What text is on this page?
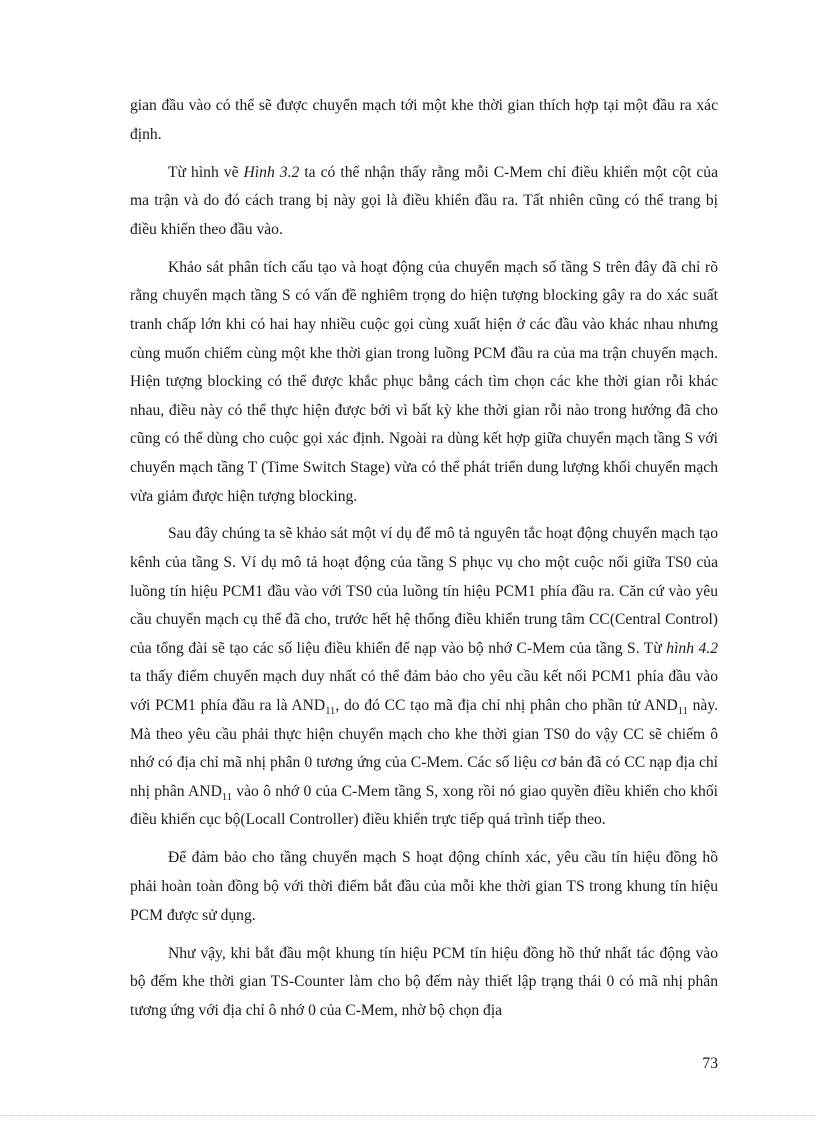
gian đầu vào có thể sẽ được chuyển mạch tới một khe thời gian thích hợp tại một đầu ra xác định.

Từ hình vẽ Hình 3.2 ta có thể nhận thấy rằng mỗi C-Mem chỉ điều khiển một cột của ma trận và do đó cách trang bị này gọi là điều khiển đầu ra. Tất nhiên cũng có thể trang bị điều khiển theo đầu vào.

Khảo sát phân tích cấu tạo và hoạt động của chuyển mạch số tầng S trên đây đã chỉ rõ rằng chuyển mạch tầng S có vấn đề nghiêm trọng do hiện tượng blocking gây ra do xác suất tranh chấp lớn khi có hai hay nhiều cuộc gọi cùng xuất hiện ở các đầu vào khác nhau nhưng cùng muốn chiếm cùng một khe thời gian trong luồng PCM đầu ra của ma trận chuyển mạch. Hiện tượng blocking có thể được khắc phục bằng cách tìm chọn các khe thời gian rỗi khác nhau, điều này có thể thực hiện được bởi vì bất kỳ khe thời gian rỗi nào trong hướng đã cho cũng có thể dùng cho cuộc gọi xác định. Ngoài ra dùng kết hợp giữa chuyển mạch tầng S với chuyển mạch tầng T (Time Switch Stage) vừa có thể phát triển dung lượng khối chuyển mạch vừa giảm được hiện tượng blocking.

Sau đây chúng ta sẽ khảo sát một ví dụ để mô tả nguyên tắc hoạt động chuyển mạch tạo kênh của tầng S. Ví dụ mô tả hoạt động của tầng S phục vụ cho một cuộc nối giữa TS0 của luồng tín hiệu PCM1 đầu vào với TS0 của luồng tín hiệu PCM1 phía đầu ra. Căn cứ vào yêu cầu chuyển mạch cụ thể đã cho, trước hết hệ thống điều khiển trung tâm CC(Central Control) của tổng đài sẽ tạo các số liệu điều khiển để nạp vào bộ nhớ C-Mem của tầng S. Từ hình 4.2 ta thấy điểm chuyển mạch duy nhất có thể đảm bảo cho yêu cầu kết nối PCM1 phía đầu vào với PCM1 phía đầu ra là $AND_{11}$, do đó CC tạo mã địa chỉ nhị phân cho phần tử $AND_{11}$ này. Mà theo yêu cầu phải thực hiện chuyển mạch cho khe thời gian TS0 do vậy CC sẽ chiếm ô nhớ có địa chỉ mã nhị phân 0 tương ứng của C-Mem. Các số liệu cơ bản đã có CC nạp địa chỉ nhị phân $AND_{11}$ vào ô nhớ 0 của C-Mem tầng S, xong rồi nó giao quyền điều khiển cho khối điều khiển cục bộ(Locall Controller) điều khiển trực tiếp quá trình tiếp theo.

Để đảm bảo cho tầng chuyển mạch S hoạt động chính xác, yêu cầu tín hiệu đồng hồ phải hoàn toàn đồng bộ với thời điểm bắt đầu của mỗi khe thời gian TS trong khung tín hiệu PCM được sử dụng.

Như vậy, khi bắt đầu một khung tín hiệu PCM tín hiệu đồng hồ thứ nhất tác động vào bộ đếm khe thời gian TS-Counter làm cho bộ đếm này thiết lập trạng thái 0 có mã nhị phân tương ứng với địa chỉ ô nhớ 0 của C-Mem, nhờ bộ chọn địa

73
